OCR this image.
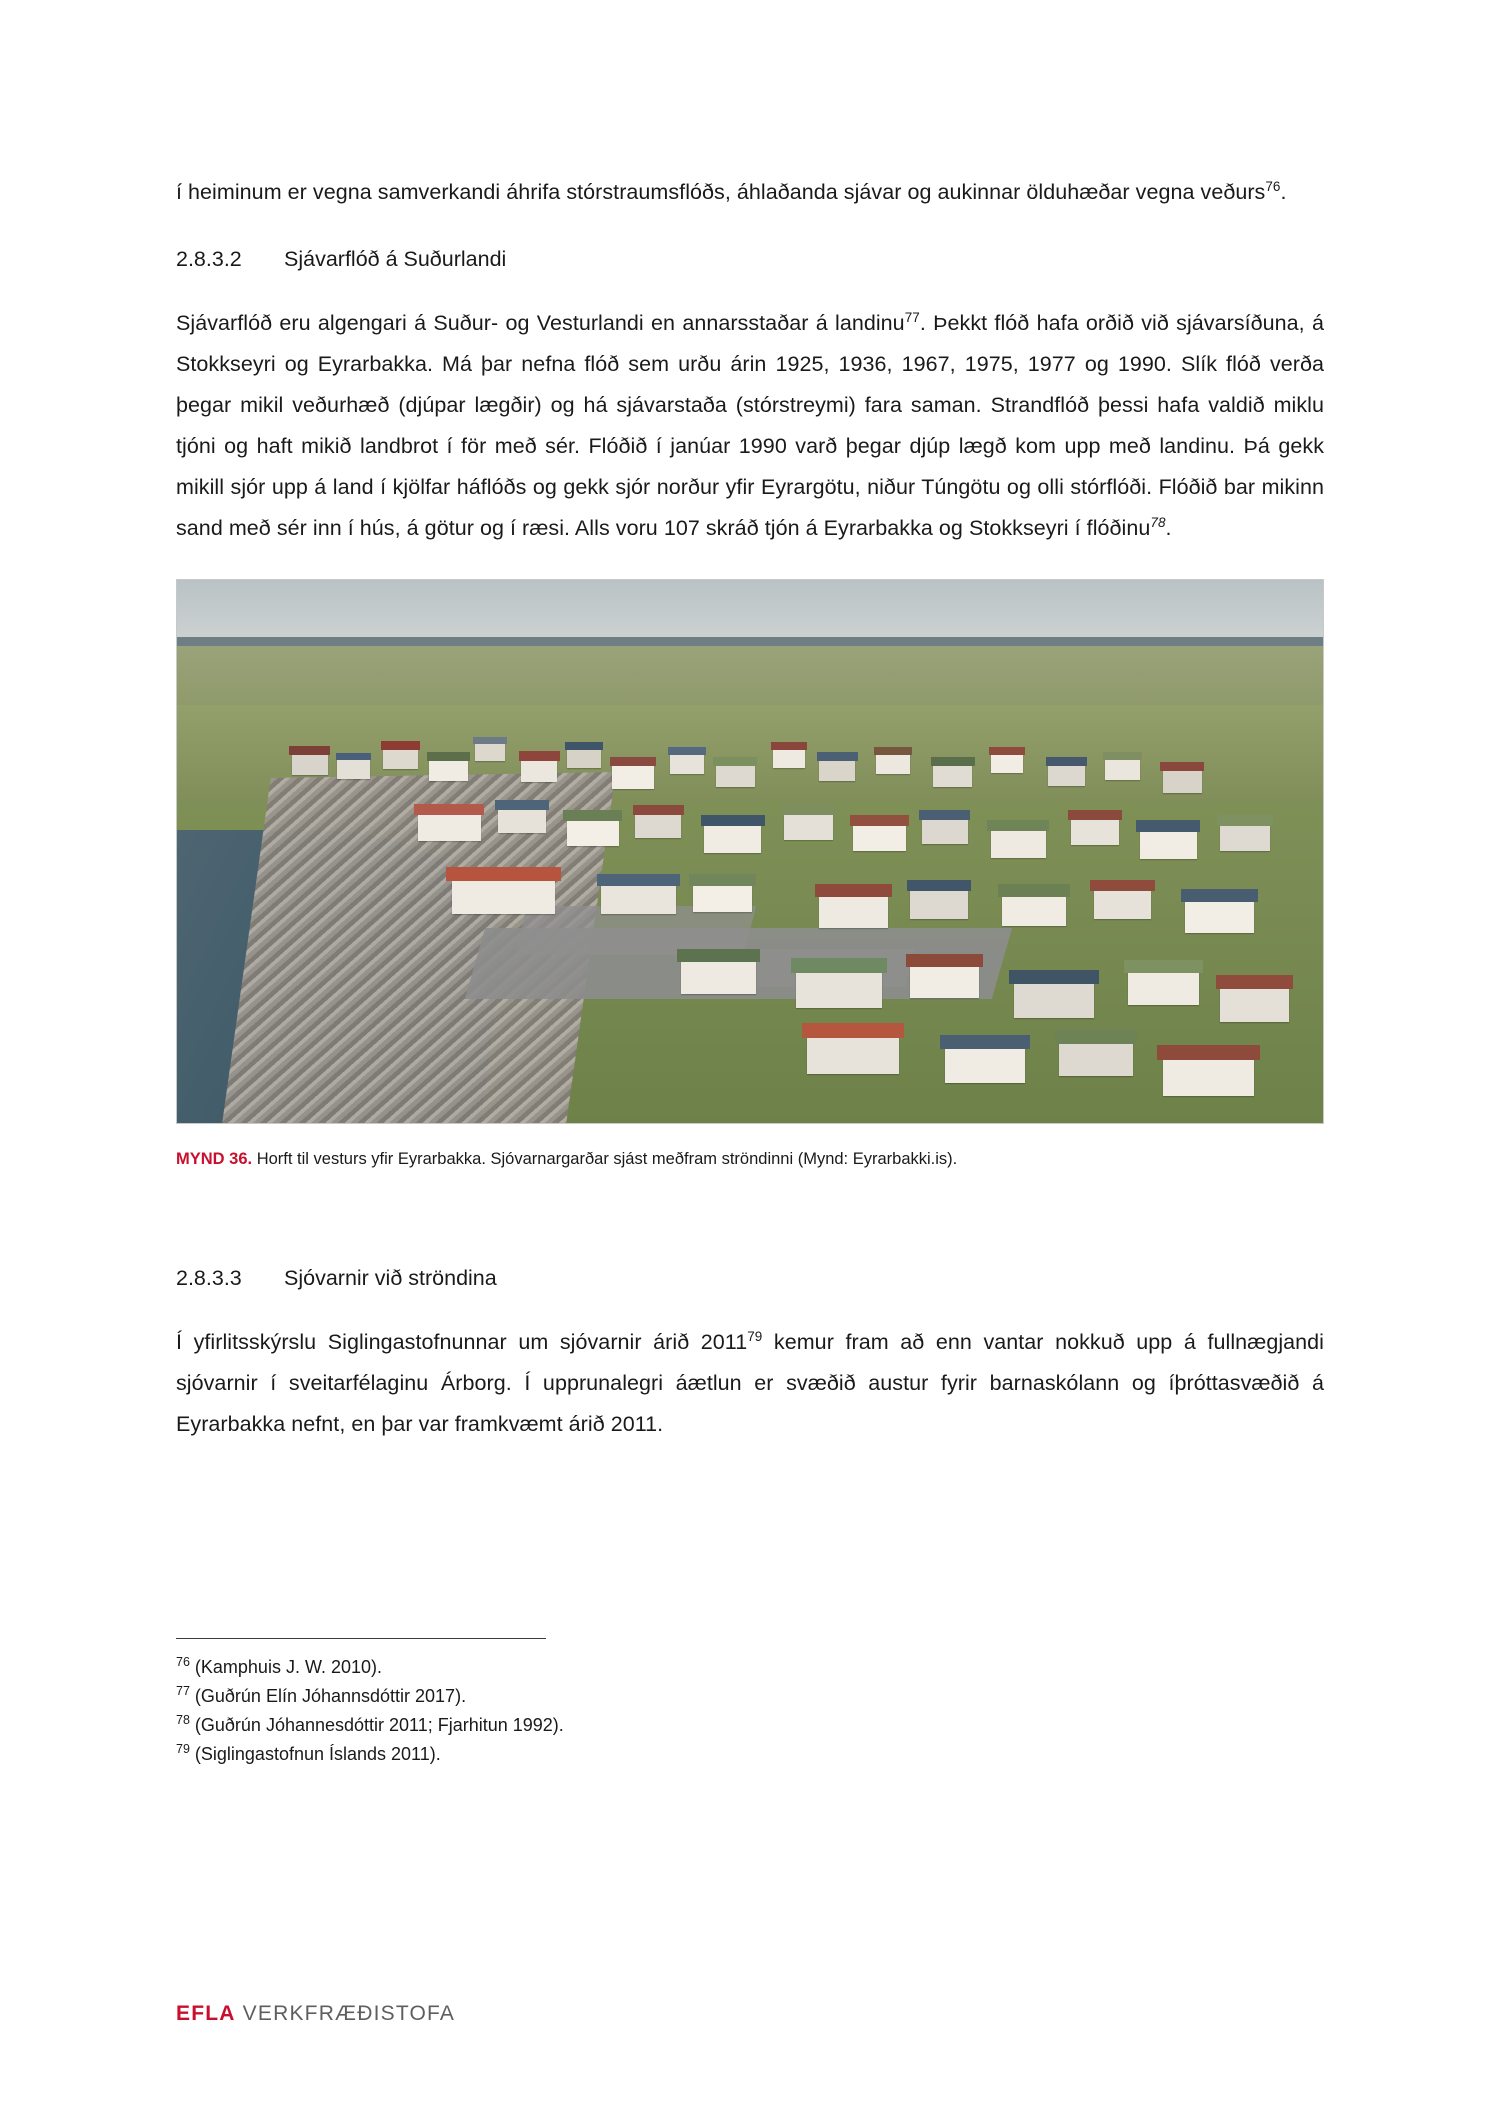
í heiminum er vegna samverkandi áhrifa stórstraumsflóðs, áhlaðanda sjávar og aukinnar ölduhæðar vegna veðurs$^{76}$.

2.8.3.2	Sjávarflóð á Suðurlandi

Sjávarflóð eru algengari á Suður- og Vesturlandi en annarsstaðar á landinu$^{77}$. Þekkt flóð hafa orðið við sjávarsíðuna, á Stokkseyri og Eyrarbakka. Má þar nefna flóð sem urðu árin 1925, 1936, 1967, 1975, 1977 og 1990. Slík flóð verða þegar mikil veðurhæð (djúpar lægðir) og há sjávarstaða (stórstreymi) fara saman. Strandflóð þessi hafa valdið miklu tjóni og haft mikið landbrot í för með sér. Flóðið í janúar 1990 varð þegar djúp lægð kom upp með landinu. Þá gekk mikill sjór upp á land í kjölfar háflóðs og gekk sjór norður yfir Eyrargötu, niður Túngötu og olli stórflóði. Flóðið bar mikinn sand með sér inn í hús, á götur og í ræsi. Alls voru 107 skráð tjón á Eyrarbakka og Stokkseyri í flóðinu$^{78}$.

MYND 36. Horft til vesturs yfir Eyrarbakka. Sjóvarnargarðar sjást meðfram ströndinni (Mynd: Eyrarbakki.is).
2.8.3.3	Sjóvarnir við ströndina

Í yfirlitsskýrslu Siglingastofnunnar um sjóvarnir árið 2011$^{79}$ kemur fram að enn vantar nokkuð upp á fullnægjandi sjóvarnir í sveitarfélaginu Árborg. Í upprunalegri áætlun er svæðið austur fyrir barnaskólann og íþróttasvæðið á Eyrarbakka nefnt, en þar var framkvæmt árið 2011.

$^{76}$ (Kamphuis J. W. 2010).

$^{77}$ (Guðrún Elín Jóhannsdóttir 2017).

$^{78}$ (Guðrún Jóhannesdóttir 2011; Fjarhitun 1992).

$^{79}$ (Siglingastofnun Íslands 2011).

EFLA VERKFRÆÐISTOFA
